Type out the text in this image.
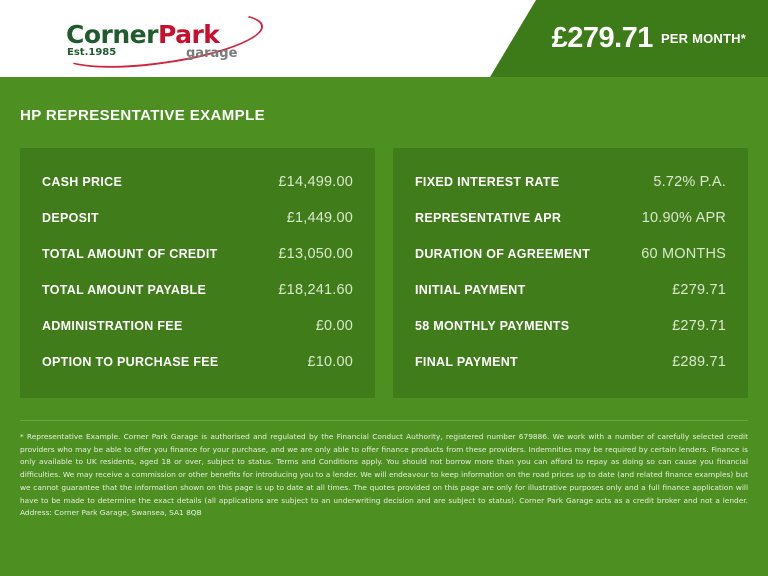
CornerPark
Est.1985	garage	£279.71 PER MONTH*
HP REPRESENTATIVE EXAMPLE
CASH PRICE	£14,499.00
DEPOSIT	£1,449.00
TOTAL AMOUNT OF CREDIT	£13,050.00
TOTAL AMOUNT PAYABLE	£18,241.60
ADMINISTRATION FEE	£0.00
OPTION TO PURCHASE FEE	£10.00
FIXED INTEREST RATE	5.72% P.A.
REPRESENTATIVE APR	10.90% APR
DURATION OF AGREEMENT	60 MONTHS
INITIAL PAYMENT	£279.71
58 MONTHLY PAYMENTS	£279.71
FINAL PAYMENT	£289.71

* Representative Example. Corner Park Garage is authorised and regulated by the Financial Conduct Authority, registered number 679886. We work with a number of carefully selected credit providers who may be able to offer you finance for your purchase, and we are only able to offer finance products from these providers. Indemnities may be required by certain lenders. Finance is only available to UK residents, aged 18 or over, subject to status. Terms and Conditions apply. You should not borrow more than you can afford to repay as doing so can cause you financial difficulties. We may receive a commission or other benefits for introducing you to a lender. We will endeavour to keep information on the road prices up to date (and related finance examples) but we cannot guarantee that the information shown on this page is up to date at all times. The quotes provided on this page are only for illustrative purposes only and a full finance application will have to be made to determine the exact details (all applications are subject to an underwriting decision and are subject to status). Corner Park Garage acts as a credit broker and not a lender. Address: Corner Park Garage, Swansea, SA1 8QB
